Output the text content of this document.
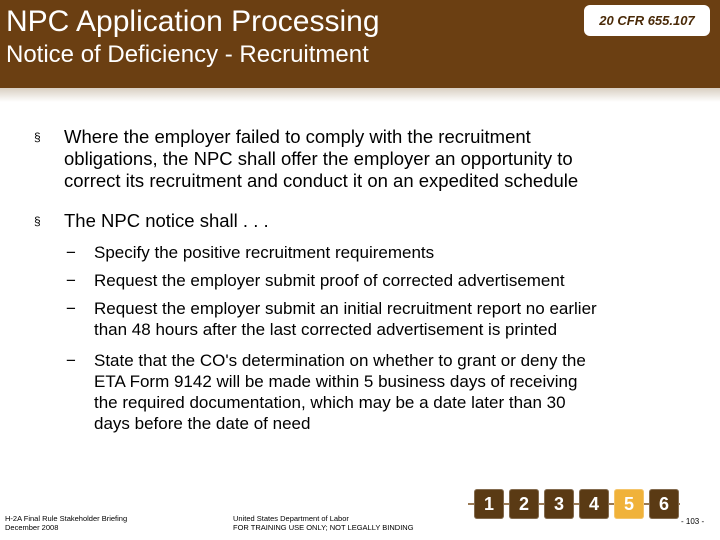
NPC Application Processing
Notice of Deficiency - Recruitment
20 CFR 655.107
§ Where the employer failed to comply with the recruitment
obligations, the NPC shall offer the employer an opportunity to
correct its recruitment and conduct it on an expedited schedule
§ The NPC notice shall . . .
− Specify the positive recruitment requirements
− Request the employer submit proof of corrected advertisement
− Request the employer submit an initial recruitment report no earlier
than 48 hours after the last corrected advertisement is printed
− State that the CO's determination on whether to grant or deny the
ETA Form 9142 will be made within 5 business days of receiving
the required documentation, which may be a date later than 30
days before the date of need
H-2A Final Rule Stakeholder Briefing
December 2008
United States Department of Labor
FOR TRAINING USE ONLY; NOT LEGALLY BINDING
1	2	3	4	5	6
- 103 -
